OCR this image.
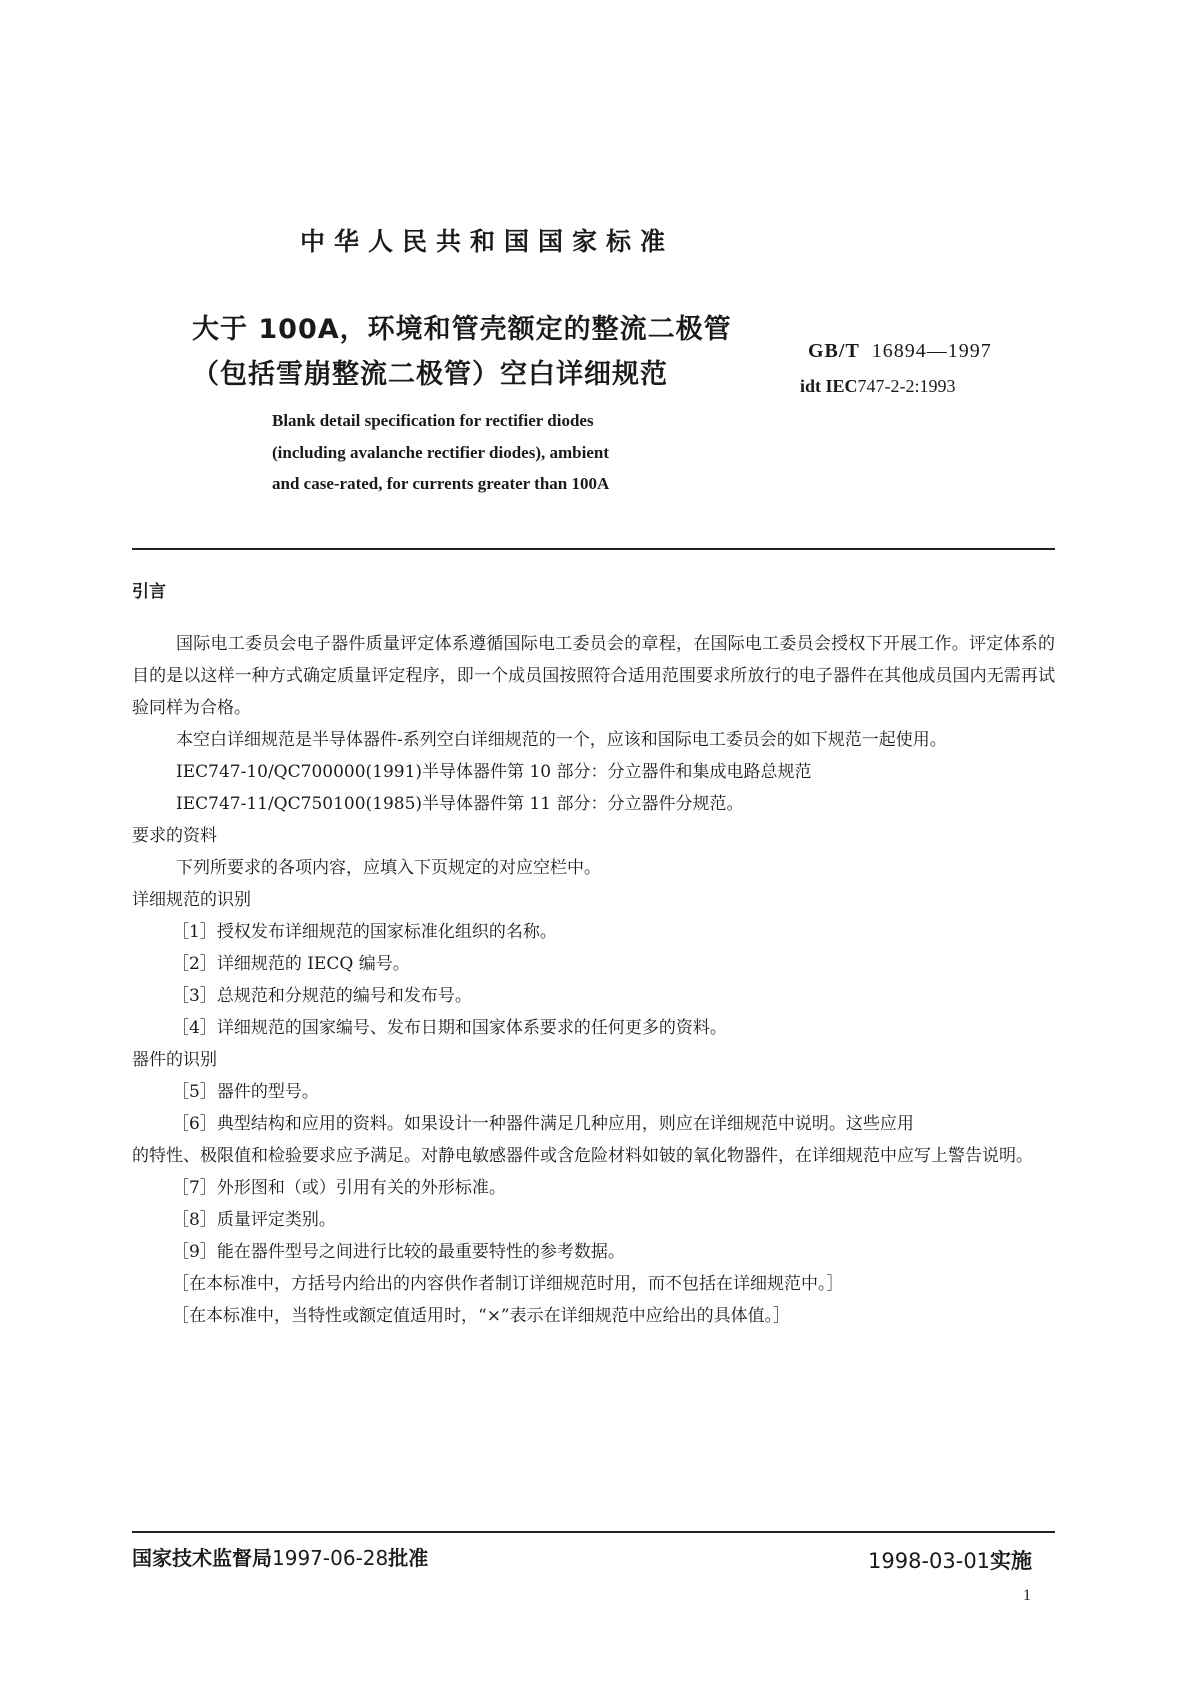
中华人民共和国国家标准
大于 100A，环境和管壳额定的整流二极管
（包括雪崩整流二极管）空白详细规范
GB/T 16894—1997
idt IEC747-2-2:1993
Blank detail specification for rectifier diodes
(including avalanche rectifier diodes), ambient
and case-rated, for currents greater than 100A

引言

国际电工委员会电子器件质量评定体系遵循国际电工委员会的章程，在国际电工委员会授权下开展工作。评定体系的目的是以这样一种方式确定质量评定程序，即一个成员国按照符合适用范围要求所放行的电子器件在其他成员国内无需再试验同样为合格。

本空白详细规范是半导体器件-系列空白详细规范的一个，应该和国际电工委员会的如下规范一起使用。

IEC747-10/QC700000(1991)半导体器件第 10 部分：分立器件和集成电路总规范

IEC747-11/QC750100(1985)半导体器件第 11 部分：分立器件分规范。

要求的资料

下列所要求的各项内容，应填入下页规定的对应空栏中。

详细规范的识别

［1］授权发布详细规范的国家标准化组织的名称。

［2］详细规范的 IECQ 编号。

［3］总规范和分规范的编号和发布号。

［4］详细规范的国家编号、发布日期和国家体系要求的任何更多的资料。

器件的识别

［5］器件的型号。

［6］典型结构和应用的资料。如果设计一种器件满足几种应用，则应在详细规范中说明。这些应用

的特性、极限值和检验要求应予满足。对静电敏感器件或含危险材料如铍的氧化物器件，在详细规范中应写上警告说明。

［7］外形图和（或）引用有关的外形标准。

［8］质量评定类别。

［9］能在器件型号之间进行比较的最重要特性的参考数据。

［在本标准中，方括号内给出的内容供作者制订详细规范时用，而不包括在详细规范中。］

［在本标准中，当特性或额定值适用时，“×”表示在详细规范中应给出的具体值。］

国家技术监督局1997-06-28批准	1998-03-01实施
1
